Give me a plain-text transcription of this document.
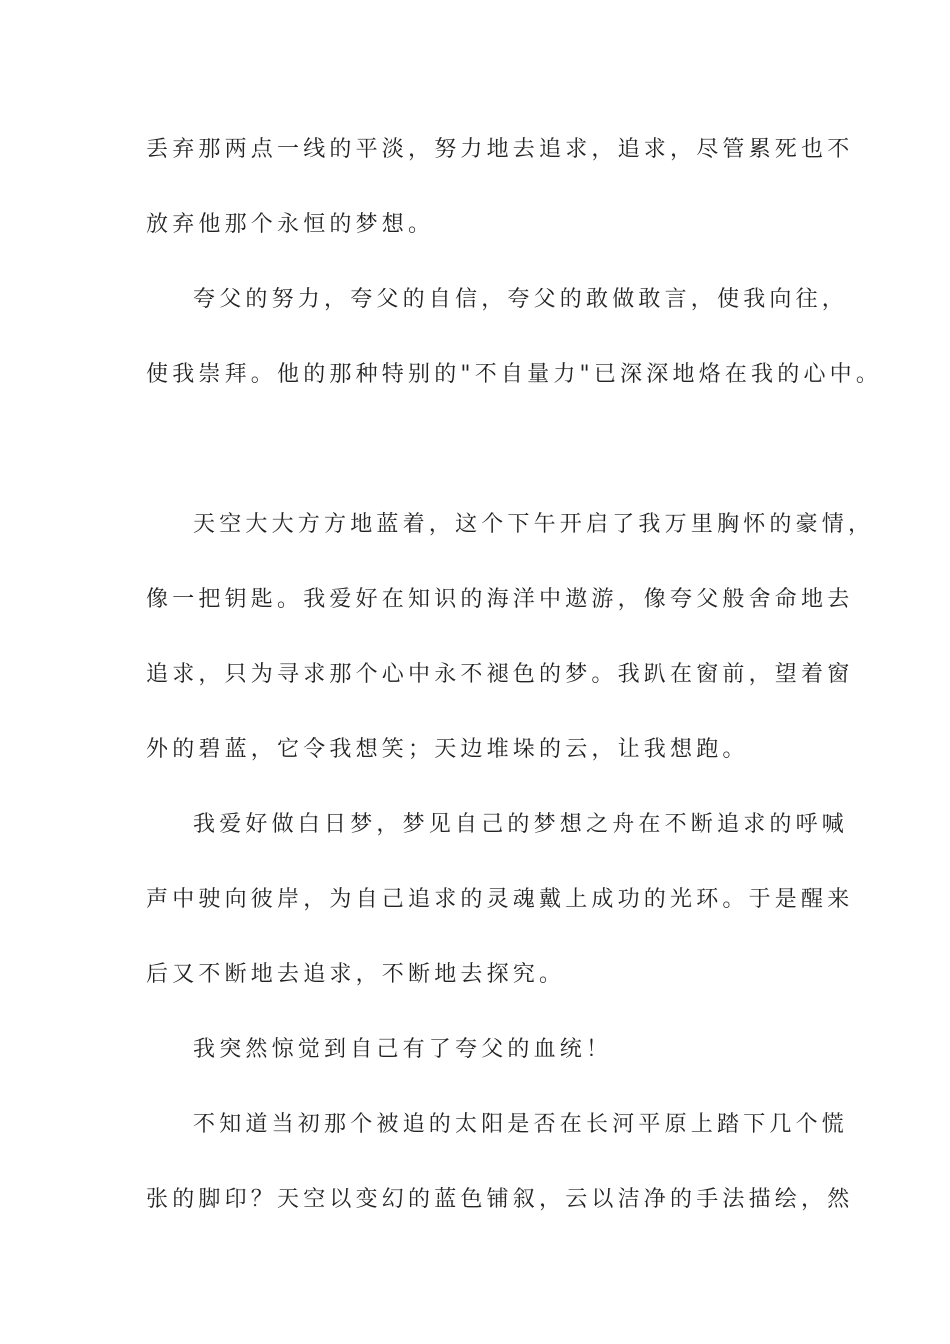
丢弃那两点一线的平淡，努力地去追求，追求，尽管累死也不
放弃他那个永恒的梦想。
夸父的努力，夸父的自信，夸父的敢做敢言，使我向往，
使我崇拜。他的那种特别的"不自量力"已深深地烙在我的心中。
天空大大方方地蓝着，这个下午开启了我万里胸怀的豪情，
像一把钥匙。我爱好在知识的海洋中遨游，像夸父般舍命地去
追求，只为寻求那个心中永不褪色的梦。我趴在窗前，望着窗
外的碧蓝，它令我想笑；天边堆垛的云，让我想跑。
我爱好做白日梦，梦见自己的梦想之舟在不断追求的呼喊
声中驶向彼岸，为自己追求的灵魂戴上成功的光环。于是醒来
后又不断地去追求，不断地去探究。
我突然惊觉到自己有了夸父的血统！
不知道当初那个被追的太阳是否在长河平原上踏下几个慌
张的脚印？天空以变幻的蓝色铺叙，云以洁净的手法描绘，然
